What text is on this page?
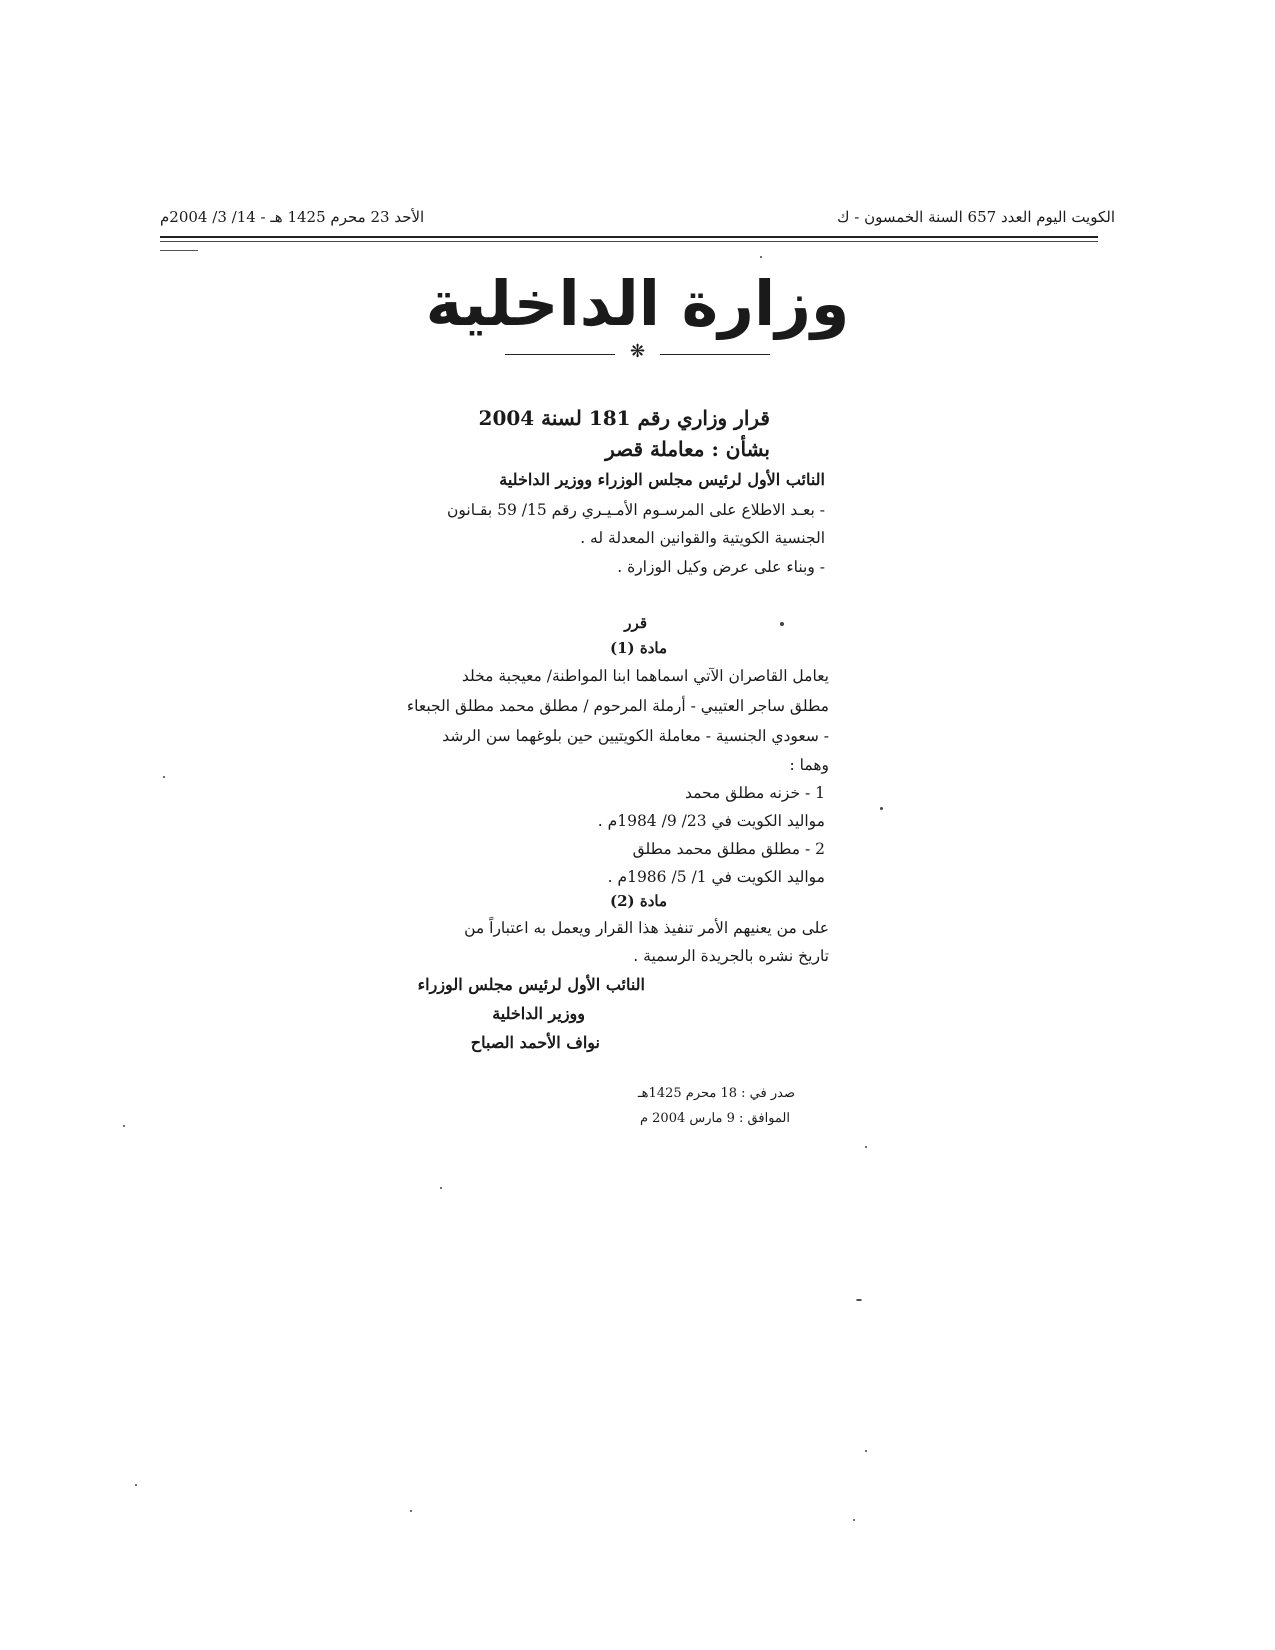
الكويت اليوم العدد 657 السنة الخمسون - ك
الأحد 23 محرم 1425 هـ - 14/ 3/ 2004م
وزارة الداخلية
❋
قرار وزاري رقم 181 لسنة 2004
بشأن : معاملة قصر
النائب الأول لرئيس مجلس الوزراء ووزير الداخلية
- بعـد الاطلاع على المرسـوم الأمـيـري رقم 15/ 59 بقـانون
الجنسية الكويتية والقوانين المعدلة له .
- وبناء على عرض وكيل الوزارة .
قرر
مادة (1)
يعامل القاصران الآتي اسماهما ابنا المواطنة/ معيجبة مخلد
مطلق ساجر العتيبي - أرملة المرحوم / مطلق محمد مطلق الجبعاء
- سعودي الجنسية - معاملة الكويتيين حين بلوغهما سن الرشد
وهما :
1 - خزنه مطلق محمد
مواليد الكويت في 23/ 9/ 1984م .
2 - مطلق مطلق محمد مطلق
مواليد الكويت في 1/ 5/ 1986م .
مادة (2)
على من يعنيهم الأمر تنفيذ هذا القرار ويعمل به اعتباراً من
تاريخ نشره بالجريدة الرسمية .
النائب الأول لرئيس مجلس الوزراء
ووزير الداخلية
نواف الأحمد الصباح
صدر في : 18 محرم 1425هـ
الموافق : 9 مارس 2004 م
